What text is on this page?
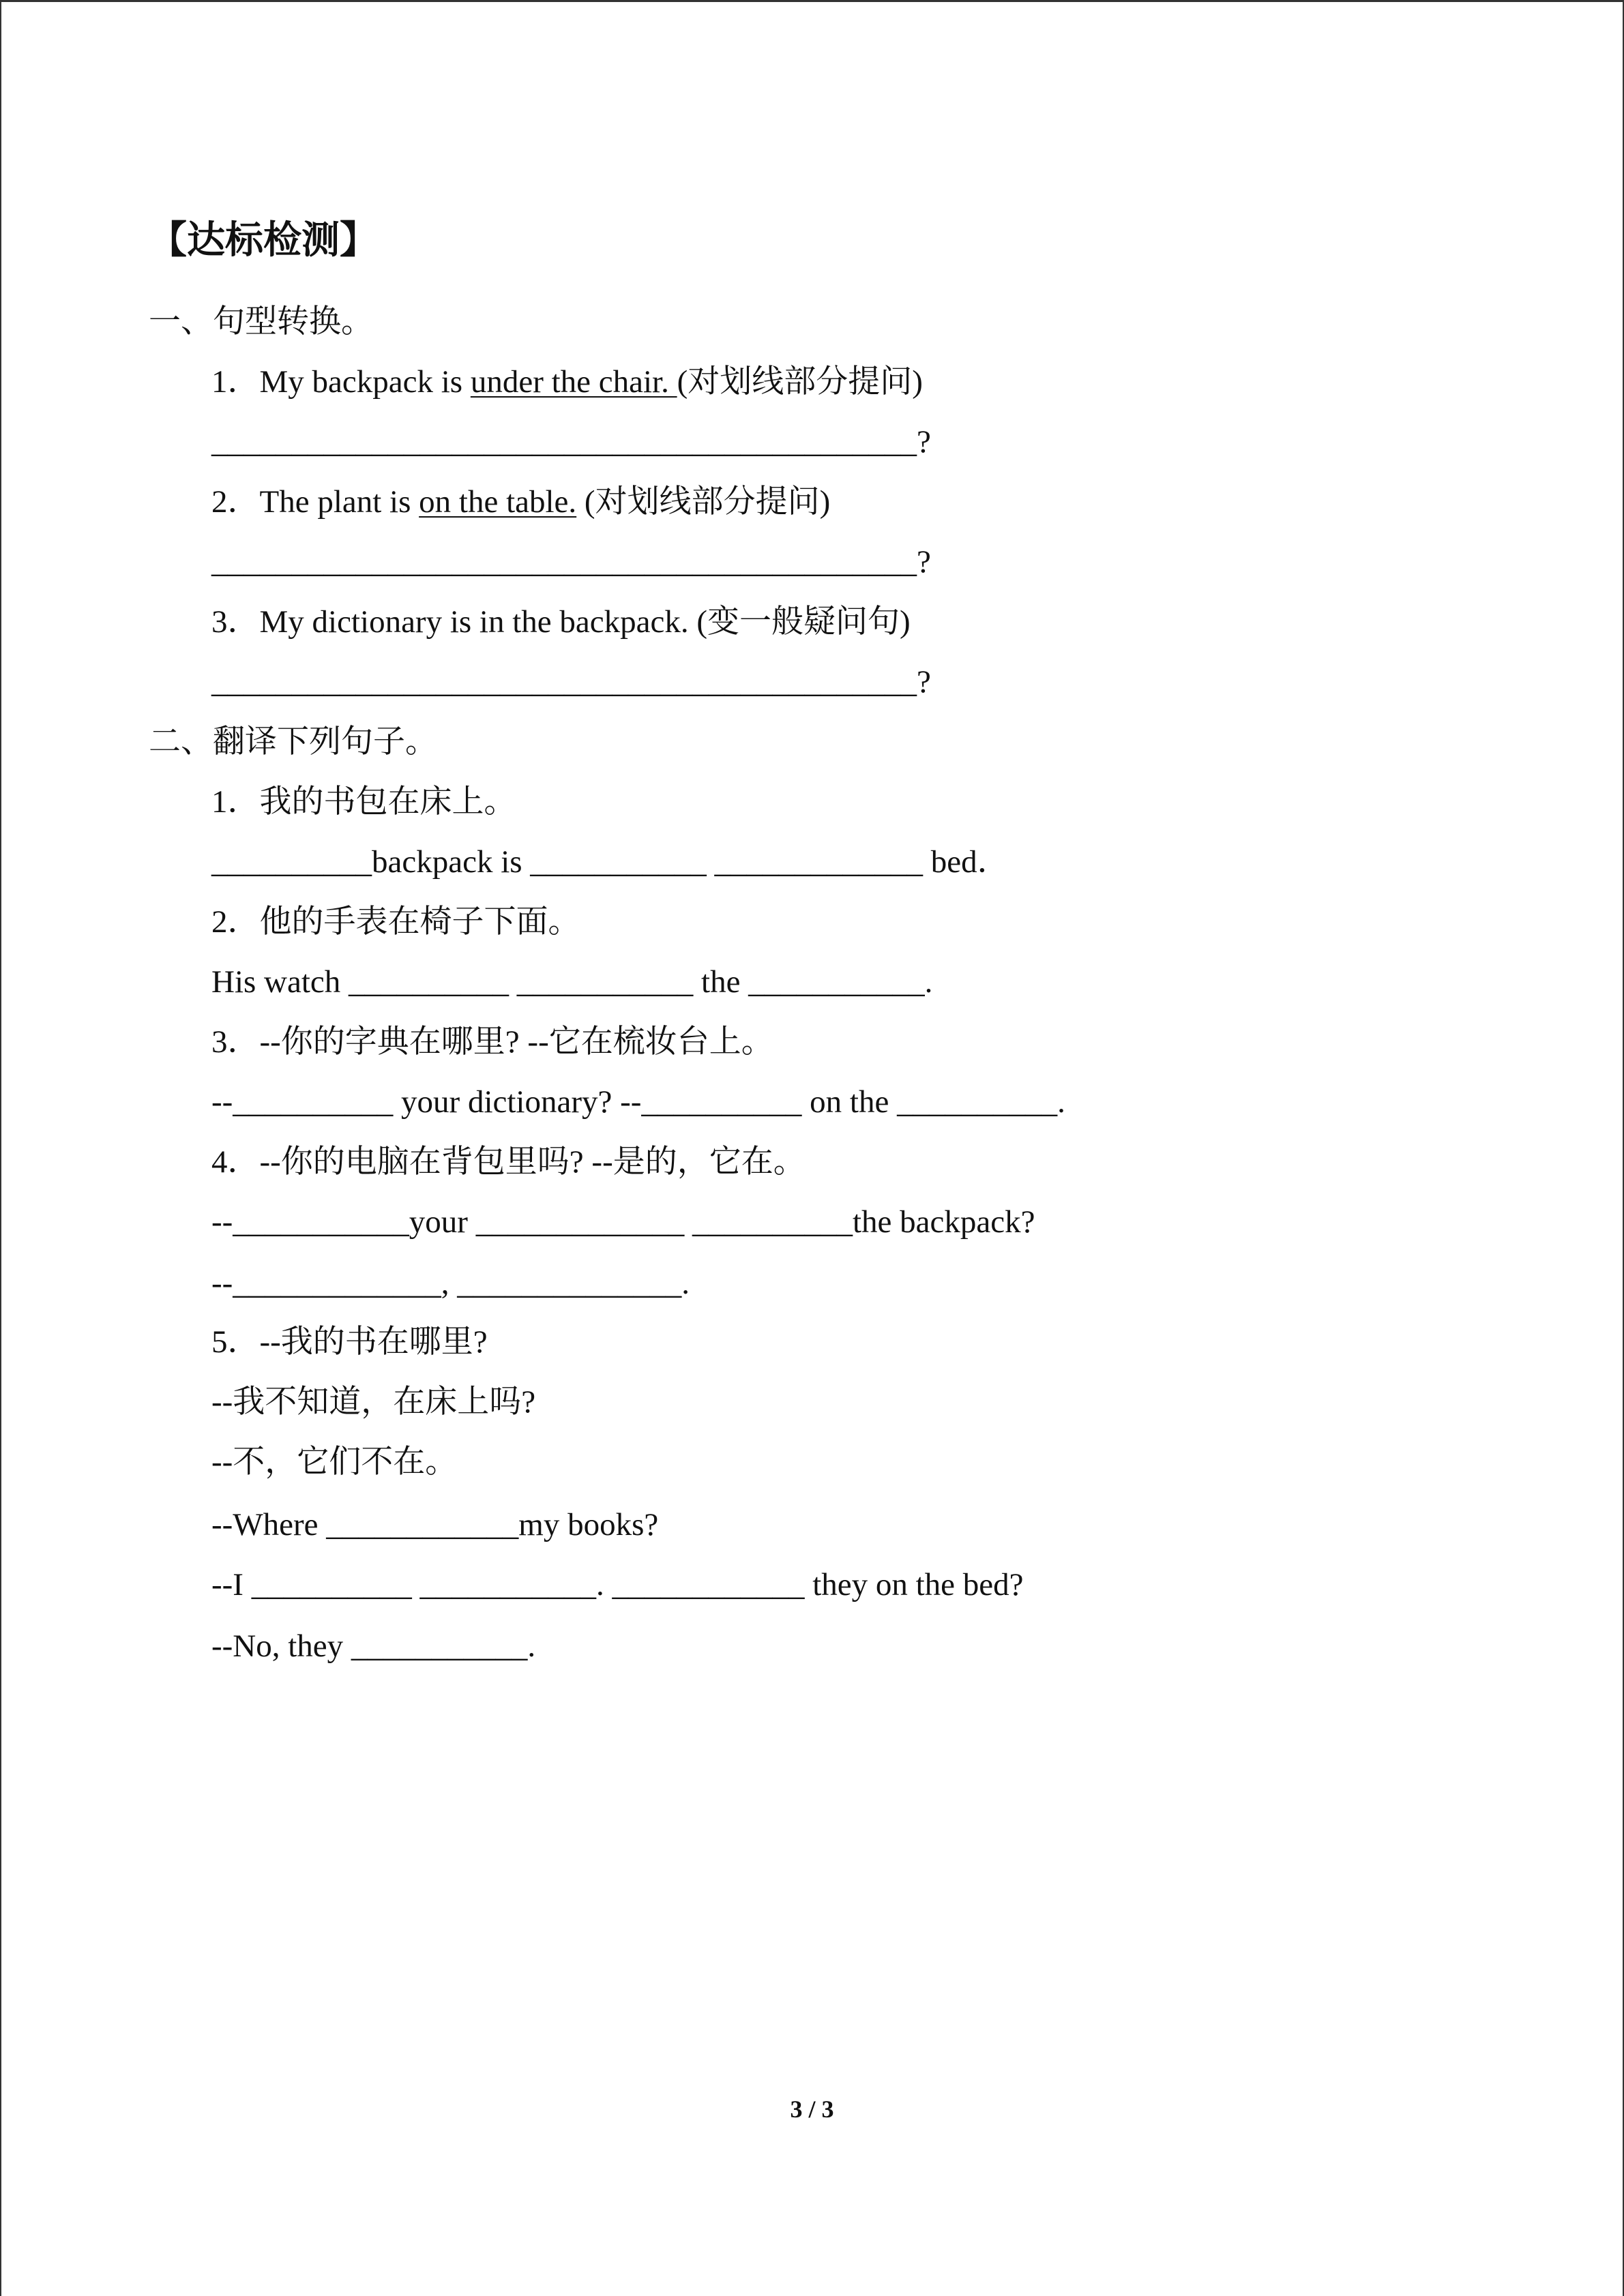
【达标检测】
一、句型转换。
1．My backpack is under the chair. (对划线部分提问)
____________________________________________?
2．The plant is on the table. (对划线部分提问)
____________________________________________?
3．My dictionary is in the backpack. (变一般疑问句)
____________________________________________?
二、翻译下列句子。
1．我的书包在床上。
__________backpack is ___________ _____________ bed．
2．他的手表在椅子下面。
His watch __________ ___________ the ___________.
3．--你的字典在哪里? --它在梳妆台上。
--__________ your dictionary? --__________ on the __________.
4．--你的电脑在背包里吗? --是的，它在。
--___________your _____________ __________the backpack?
--_____________, ______________.
5．--我的书在哪里?
--我不知道，在床上吗?
--不，它们不在。
--Where ____________my books?
--I __________ ___________. ____________ they on the bed?
--No, they ___________.
3 / 3
